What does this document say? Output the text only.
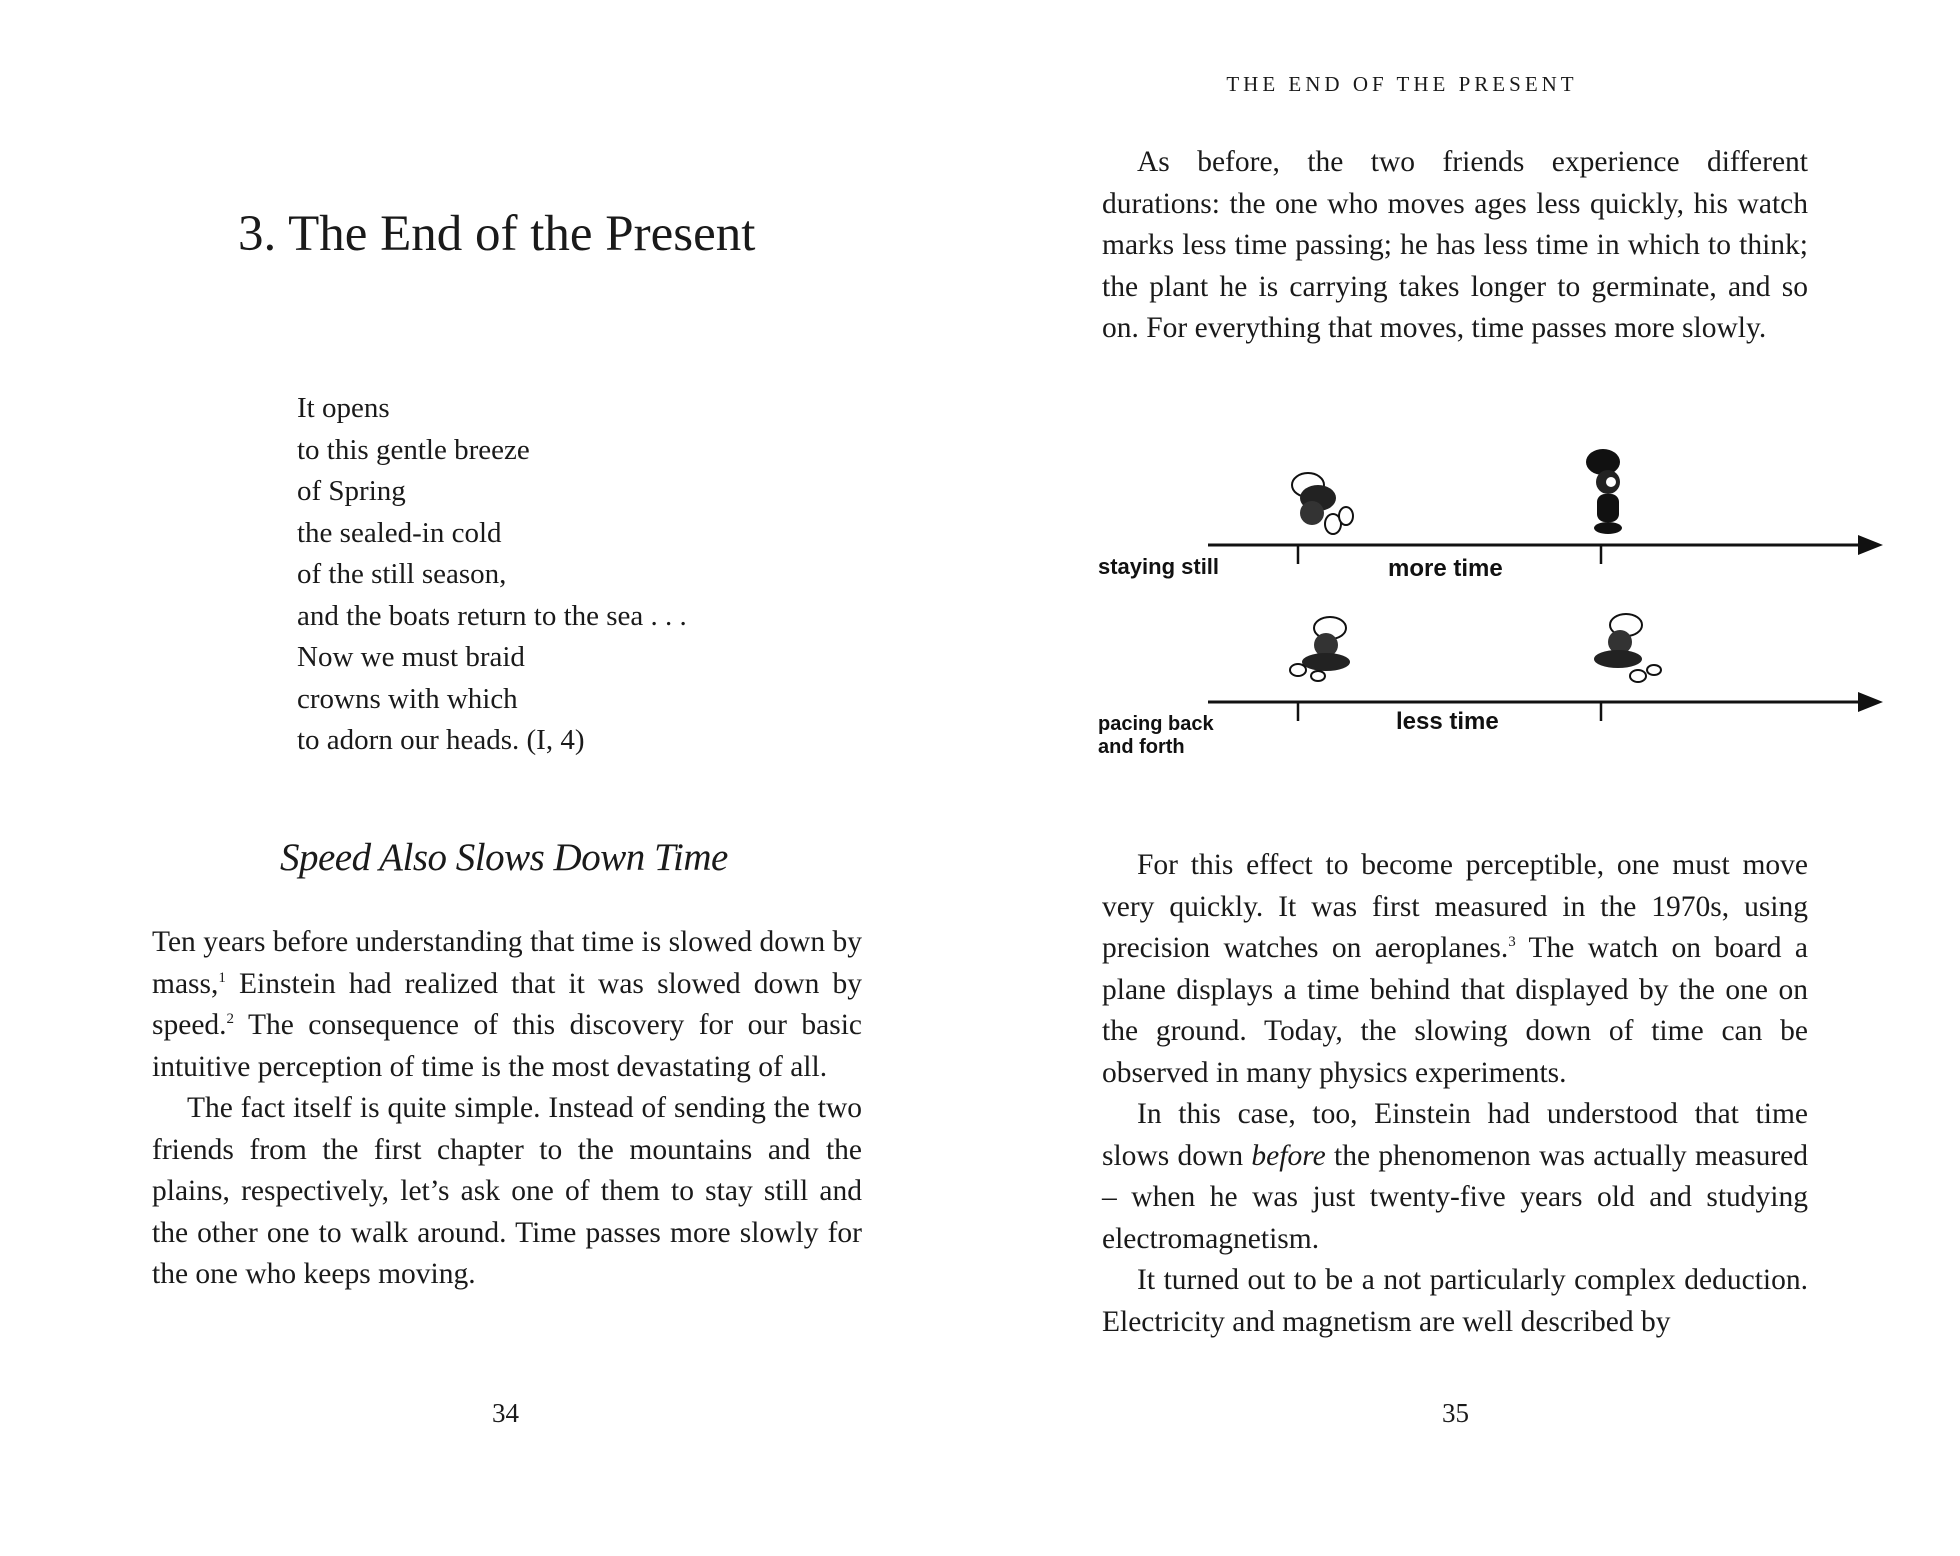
3. The End of the Present
It opens
to this gentle breeze
of Spring
the sealed-in cold
of the still season,
and the boats return to the sea . . .
Now we must braid
crowns with which
to adorn our heads. (I, 4)
Speed Also Slows Down Time

Ten years before understanding that time is slowed down by mass,$^1$ Einstein had realized that it was slowed down by speed.$^2$ The consequence of this discovery for our basic intuitive perception of time is the most devastating of all.

The fact itself is quite simple. Instead of sending the two friends from the first chapter to the mountains and the plains, respectively, let’s ask one of them to stay still and the other one to walk around. Time passes more slowly for the one who keeps moving.

34
THE END OF THE PRESENT

As before, the two friends experience different durations: the one who moves ages less quickly, his watch marks less time passing; he has less time in which to think; the plant he is carrying takes longer to germinate, and so on. For everything that moves, time passes more slowly.

staying still	more time
pacing back
and forth
less time

For this effect to become perceptible, one must move very quickly. It was first measured in the 1970s, using precision watches on aeroplanes.$^3$ The watch on board a plane displays a time behind that displayed by the one on the ground. Today, the slowing down of time can be observed in many physics experiments.

In this case, too, Einstein had understood that time slows down before the phenomenon was actually measured – when he was just twenty-five years old and studying electromagnetism.

It turned out to be a not particularly complex deduction. Electricity and magnetism are well described by

35
